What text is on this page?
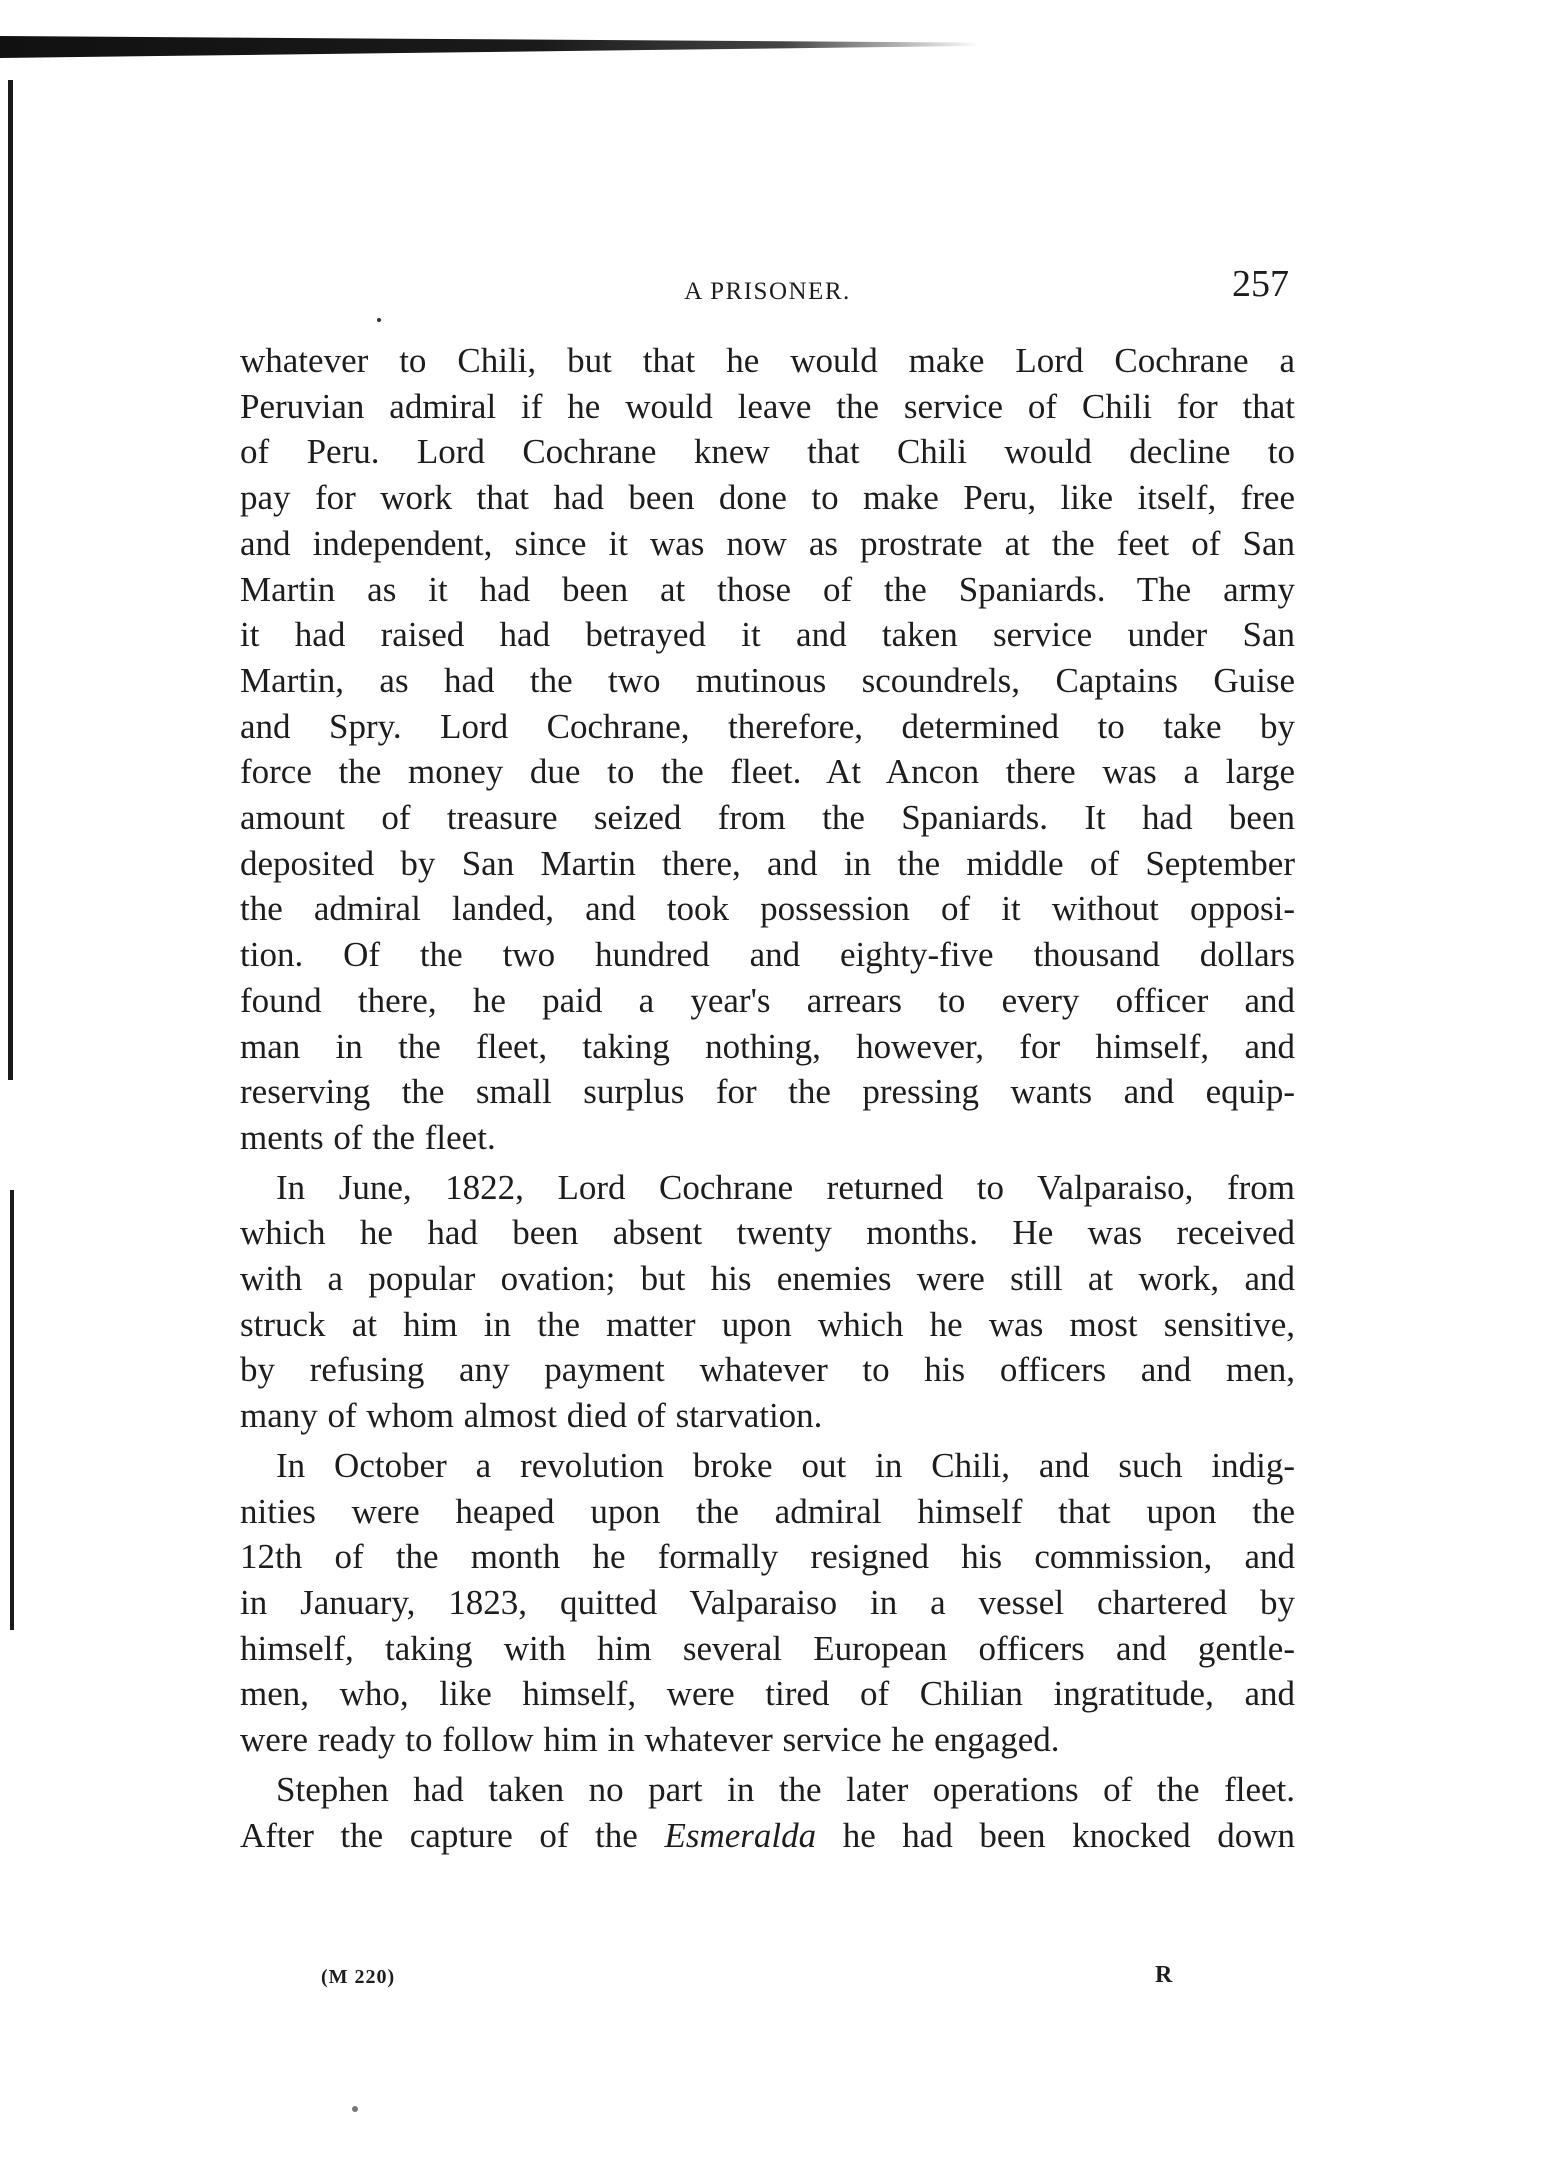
A PRISONER.	257

whatever to Chili, but that he would make Lord Cochrane a

Peruvian admiral if he would leave the service of Chili for that

of Peru. Lord Cochrane knew that Chili would decline to

pay for work that had been done to make Peru, like itself, free

and independent, since it was now as prostrate at the feet of San

Martin as it had been at those of the Spaniards. The army

it had raised had betrayed it and taken service under San

Martin, as had the two mutinous scoundrels, Captains Guise

and Spry. Lord Cochrane, therefore, determined to take by

force the money due to the fleet. At Ancon there was a large

amount of treasure seized from the Spaniards. It had been

deposited by San Martin there, and in the middle of September

the admiral landed, and took possession of it without opposi-

tion. Of the two hundred and eighty-five thousand dollars

found there, he paid a year's arrears to every officer and

man in the fleet, taking nothing, however, for himself, and

reserving the small surplus for the pressing wants and equip-

ments of the fleet.

In June, 1822, Lord Cochrane returned to Valparaiso, from

which he had been absent twenty months. He was received

with a popular ovation; but his enemies were still at work, and

struck at him in the matter upon which he was most sensitive,

by refusing any payment whatever to his officers and men,

many of whom almost died of starvation.

In October a revolution broke out in Chili, and such indig-

nities were heaped upon the admiral himself that upon the

12th of the month he formally resigned his commission, and

in January, 1823, quitted Valparaiso in a vessel chartered by

himself, taking with him several European officers and gentle-

men, who, like himself, were tired of Chilian ingratitude, and

were ready to follow him in whatever service he engaged.

Stephen had taken no part in the later operations of the fleet.

After the capture of the Esmeralda he had been knocked down

(M 220)	R
